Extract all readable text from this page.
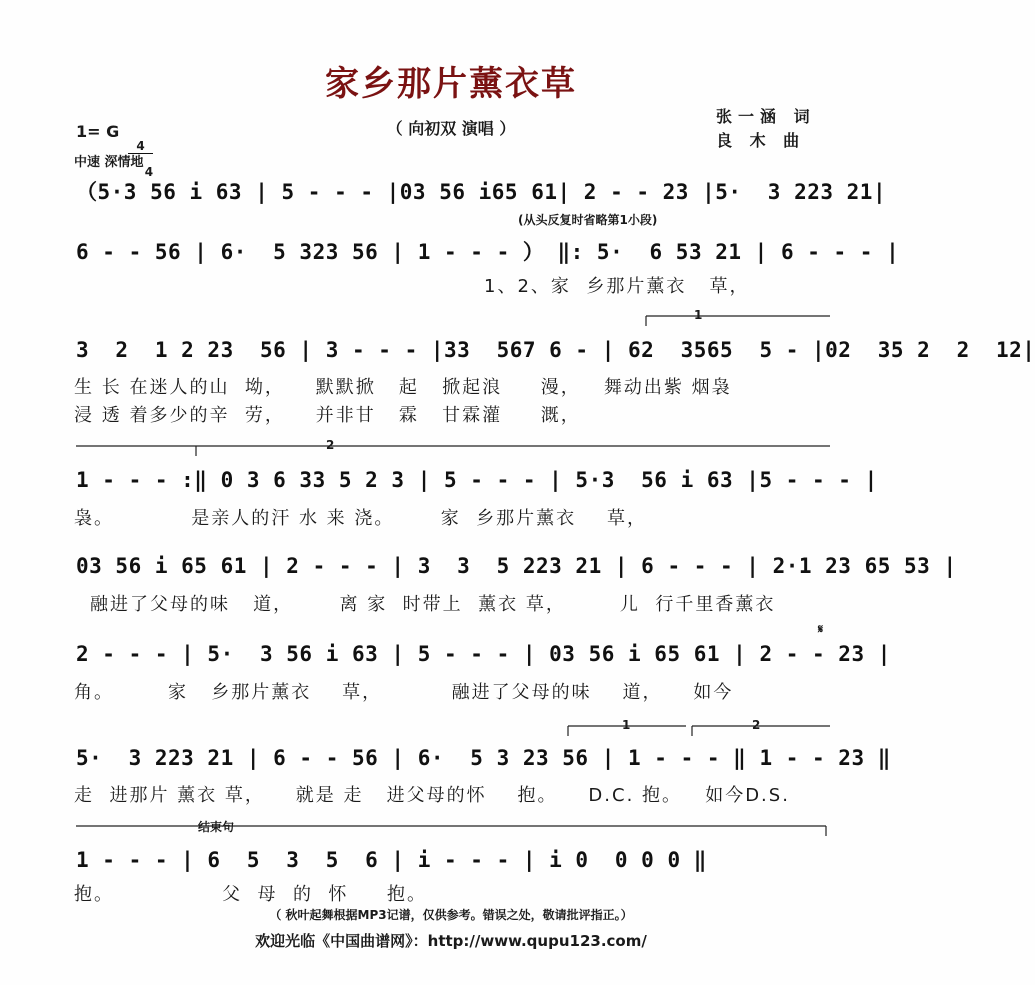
家乡那片薰衣草
（ 向初双 演唱 ）
张一涵 词
良 木 曲
1= G

4

4

中速 深情地
（5·3 56 i 63 | 5 - - - |03 56 i65 61| 2 - - 23 |5·  3 223 21|
(从头反复时省略第1小段)
6 - - 56 | 6·  5 323 56 | 1 - - - ） ‖: 5·  6 53 21 | 6 - - - |
1、2、家  乡那片薰衣   草，
1
3  2  1 2 23  56 | 3 - - - |33  567 6 - | 62  3565  5 - |02  35 2  2  12|
生 长 在迷人的山  坳，    默默掀   起   掀起浪     漫，   舞动出紫 烟袅
浸 透 着多少的辛  劳，    并非甘   霖   甘霖灌     溉，
2
1 - - - :‖ 0 3 6 33 5 2 3 | 5 - - - | 5·3  56 i 63 |5 - - - |
袅。          是亲人的汗 水 来 浇。      家  乡那片薰衣    草，
03 56 i 65 61 | 2 - - - | 3  3  5 223 21 | 6 - - - | 2·1 23 65 53 |
融进了父母的味   道，      离 家  时带上  薰衣 草，       儿  行千里香薰衣
𝄋
2 - - - | 5·  3 56 i 63 | 5 - - - | 03 56 i 65 61 | 2 - - 23 |
角。       家   乡那片薰衣    草，         融进了父母的味    道，    如今
1	2
5·  3 223 21 | 6 - - 56 | 6·  5 3 23 56 | 1 - - - ‖ 1 - - 23 ‖
走  进那片 薰衣 草，    就是 走   进父母的怀    抱。    D.C. 抱。   如今D.S.
结束句
1 - - - | 6  5  3  5  6 | i - - - | i 0  0 0 0 ‖
抱。              父  母  的  怀     抱。
（ 秋叶起舞根据MP3记谱，仅供参考。错误之处，敬请批评指正。）
欢迎光临《中国曲谱网》：http://www.qupu123.com/
